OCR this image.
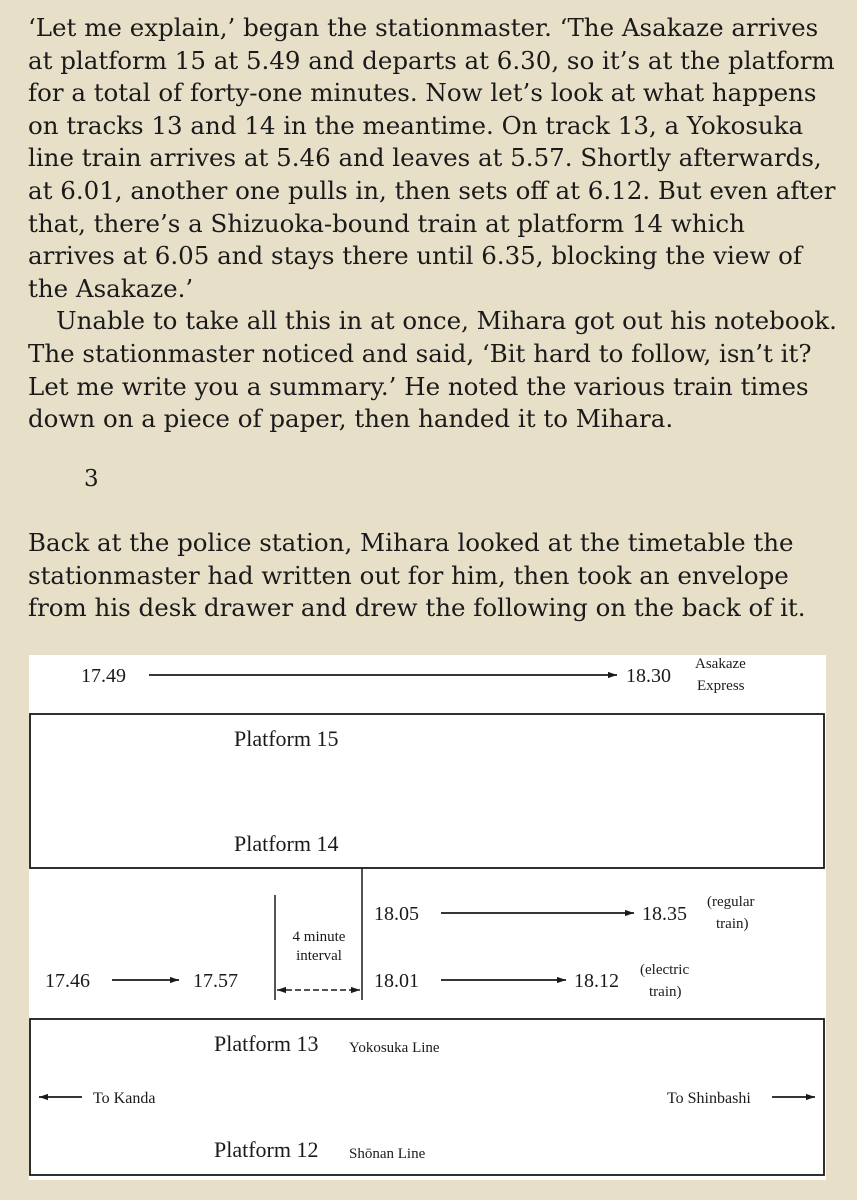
‘Let me explain,’ began the stationmaster. ‘The Asakaze arrives at platform 15 at 5.49 and departs at 6.30, so it’s at the platform for a total of forty-one minutes. Now let’s look at what happens on tracks 13 and 14 in the meantime. On track 13, a Yokosuka line train arrives at 5.46 and leaves at 5.57. Shortly afterwards, at 6.01, another one pulls in, then sets off at 6.12. But even after that, there’s a Shizuoka-bound train at platform 14 which arrives at 6.05 and stays there until 6.35, blocking the view of the Asakaze.’

Unable to take all this in at once, Mihara got out his notebook. The stationmaster noticed and said, ‘Bit hard to follow, isn’t it? Let me write you a summary.’ He noted the various train times down on a piece of paper, then handed it to Mihara.

3

Back at the police station, Mihara looked at the timetable the stationmaster had written out for him, then took an envelope from his desk drawer and drew the following on the back of it.

17.49	18.30
Asakaze
Express
Platform 15
Platform 14
4 minute
interval
18.05	18.35
(regular
train)
17.46	17.57	18.01	18.12 (electric
train)
Platform 13 Yokosuka Line
To Kanda	To Shinbashi
Platform 12 Shōnan Line
